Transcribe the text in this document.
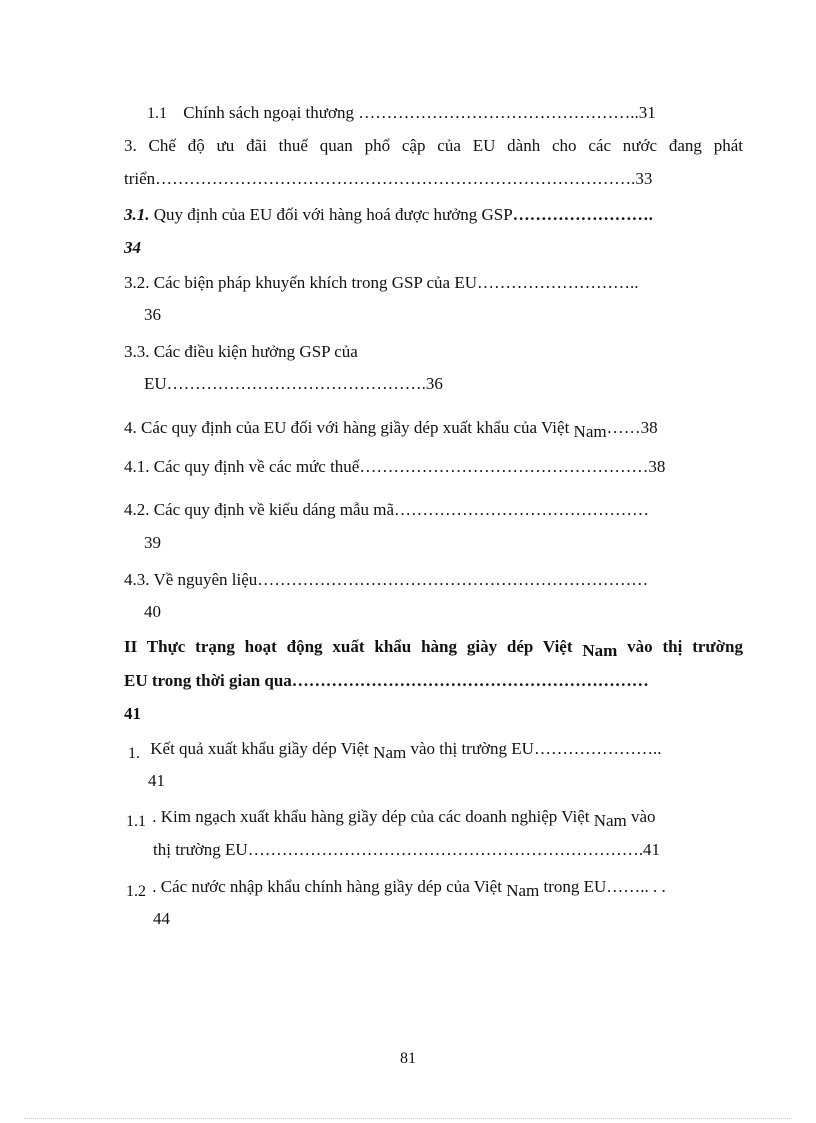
1.1 Chính sách ngoại thương …………………………………………..31
3. Chế độ ưu đãi thuế quan phổ cập của EU dành cho các nước đang phát
triển………………………………………………………………………….33
3.1. Quy định của EU đối với hàng hoá được hưởng GSP…………………….
34
3.2. Các biện pháp khuyến khích trong GSP của EU………………………..
36
3.3. Các điều kiện hưởng GSP của
EU……………………………………….36
4. Các quy định của EU đối với hàng giầy dép xuất khẩu của Việt Nam……38
4.1. Các quy định về các mức thuế……………………………………………38
4.2. Các quy định về kiểu dáng mẫu mã………………………………………
39
4.3. Về nguyên liệu……………………………………………………………
40
II Thực trạng hoạt động xuất khẩu hàng giày dép Việt Nam vào thị trường
EU trong thời gian qua………………………………………………………
41
1. Kết quả xuất khẩu giầy dép Việt Nam vào thị trường EU…………………..
41
1.1 . Kim ngạch xuất khẩu hàng giầy dép của các doanh nghiệp Việt Nam vào
thị trường EU…………………………………………………………….41
1.2 . Các nước nhập khẩu chính hàng giầy dép của Việt Nam trong EU…….. . .
44
81
